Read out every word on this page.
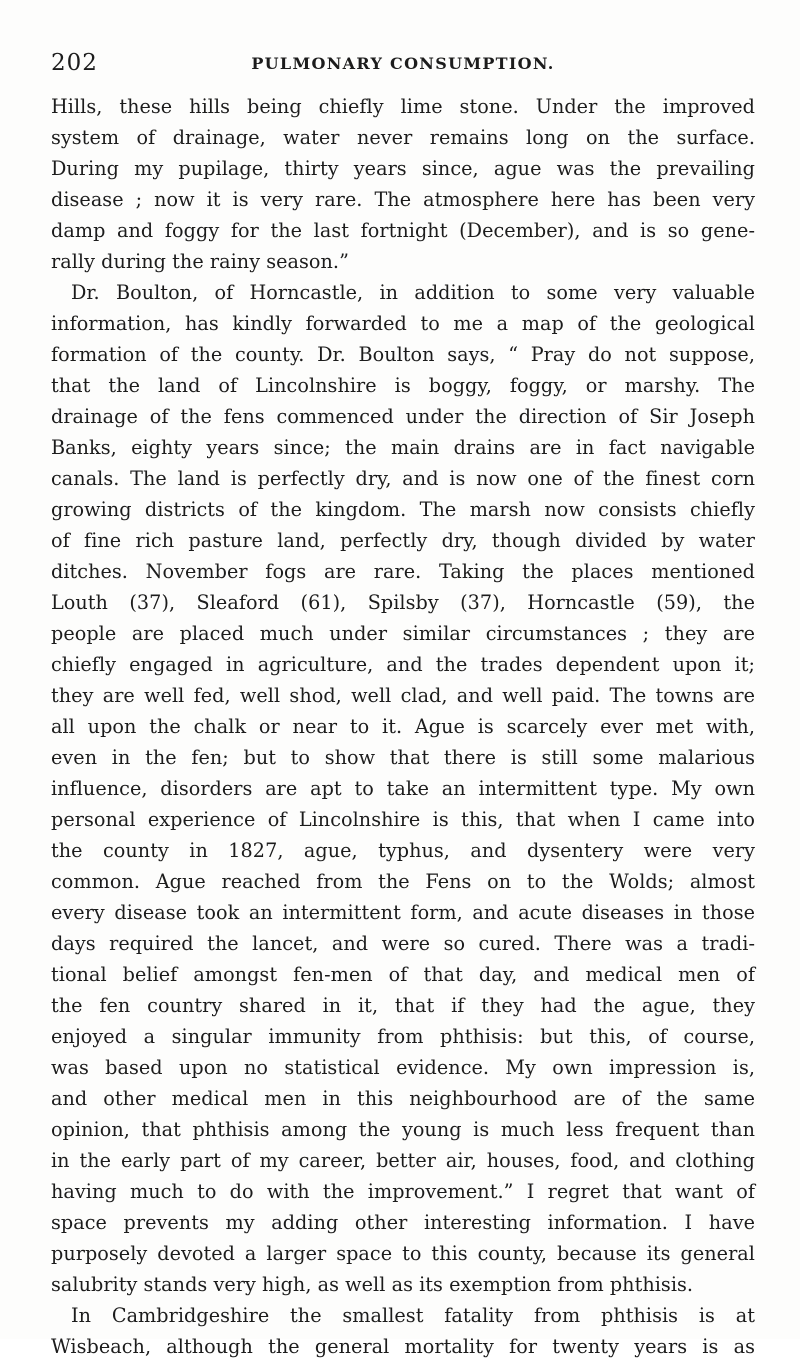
202	PULMONARY CONSUMPTION.
Hills, these hills being chiefly lime stone. Under the improved
system of drainage, water never remains long on the surface.
During my pupilage, thirty years since, ague was the prevailing
disease ; now it is very rare. The atmosphere here has been very
damp and foggy for the last fortnight (December), and is so gene-
rally during the rainy season.”
Dr. Boulton, of Horncastle, in addition to some very valuable
information, has kindly forwarded to me a map of the geological
formation of the county. Dr. Boulton says, “ Pray do not suppose,
that the land of Lincolnshire is boggy, foggy, or marshy. The
drainage of the fens commenced under the direction of Sir Joseph
Banks, eighty years since; the main drains are in fact navigable
canals. The land is perfectly dry, and is now one of the finest corn
growing districts of the kingdom. The marsh now consists chiefly
of fine rich pasture land, perfectly dry, though divided by water
ditches. November fogs are rare. Taking the places mentioned
Louth (37), Sleaford (61), Spilsby (37), Horncastle (59), the
people are placed much under similar circumstances ; they are
chiefly engaged in agriculture, and the trades dependent upon it;
they are well fed, well shod, well clad, and well paid. The towns are
all upon the chalk or near to it. Ague is scarcely ever met with,
even in the fen; but to show that there is still some malarious
influence, disorders are apt to take an intermittent type. My own
personal experience of Lincolnshire is this, that when I came into
the county in 1827, ague, typhus, and dysentery were very
common. Ague reached from the Fens on to the Wolds; almost
every disease took an intermittent form, and acute diseases in those
days required the lancet, and were so cured. There was a tradi-
tional belief amongst fen-men of that day, and medical men of
the fen country shared in it, that if they had the ague, they
enjoyed a singular immunity from phthisis: but this, of course,
was based upon no statistical evidence. My own impression is,
and other medical men in this neighbourhood are of the same
opinion, that phthisis among the young is much less frequent than
in the early part of my career, better air, houses, food, and clothing
having much to do with the improvement.” I regret that want of
space prevents my adding other interesting information. I have
purposely devoted a larger space to this county, because its general
salubrity stands very high, as well as its exemption from phthisis.
In Cambridgeshire the smallest fatality from phthisis is at
Wisbeach, although the general mortality for twenty years is as
